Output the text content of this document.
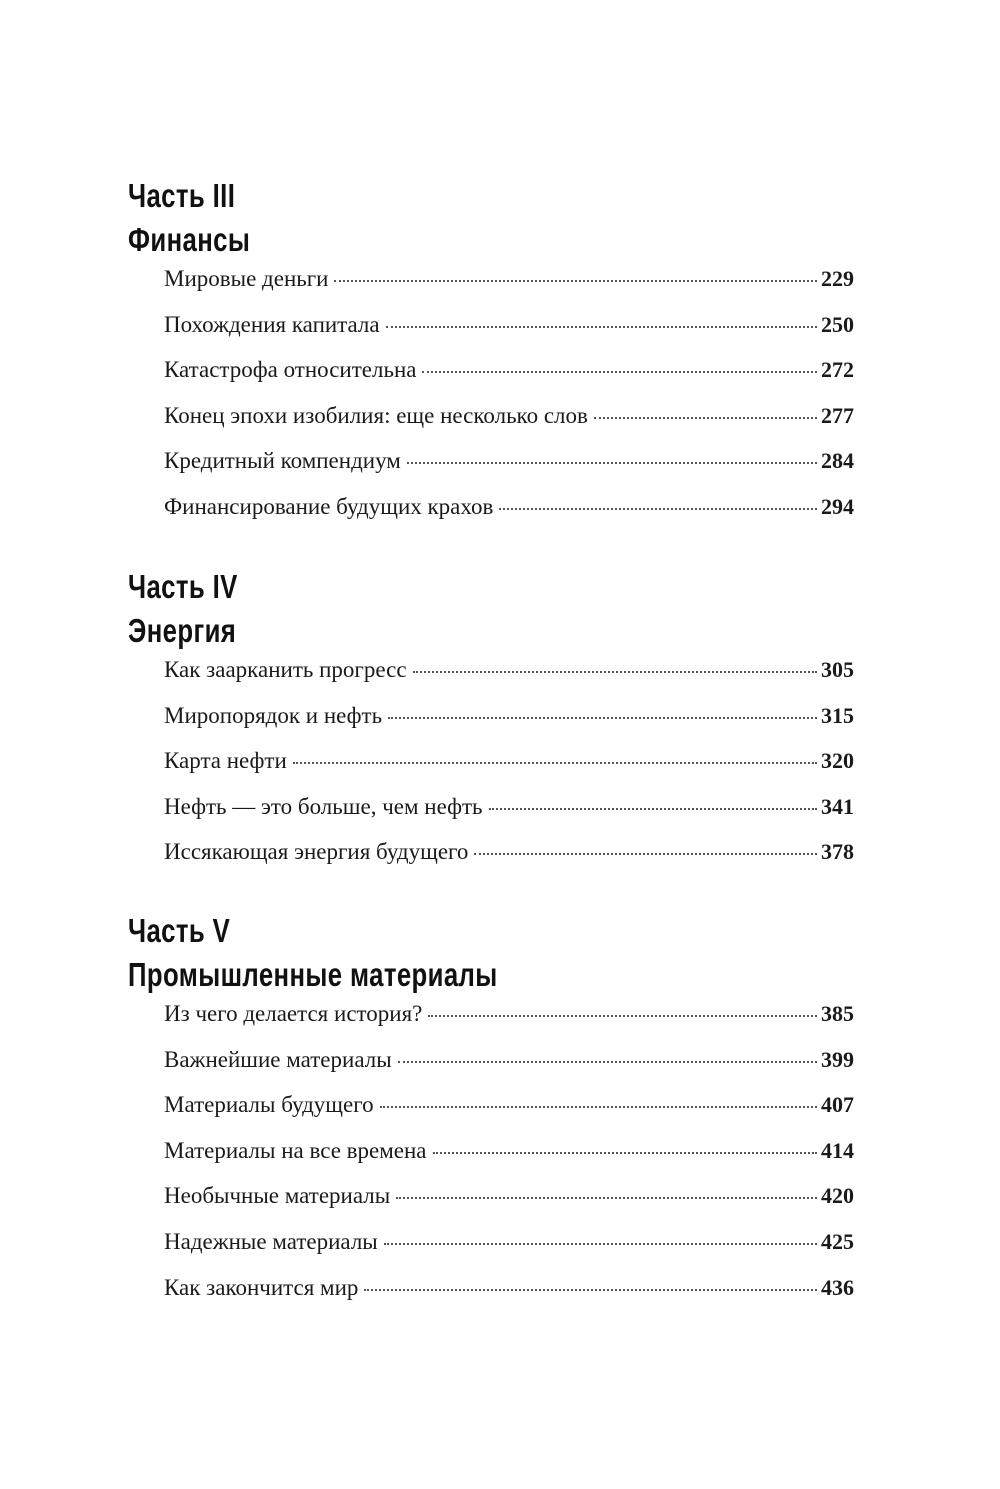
Часть III
Финансы
Мировые деньги	229
Похождения капитала	250
Катастрофа относительна	272
Конец эпохи изобилия: еще несколько слов	277
Кредитный компендиум	284
Финансирование будущих крахов	294
Часть IV
Энергия
Как заарканить прогресс	305
Миропорядок и нефть	315
Карта нефти	320
Нефть — это больше, чем нефть	341
Иссякающая энергия будущего	378
Часть V
Промышленные материалы
Из чего делается история?	385
Важнейшие материалы	399
Материалы будущего	407
Материалы на все времена	414
Необычные материалы	420
Надежные материалы	425
Как закончится мир	436
